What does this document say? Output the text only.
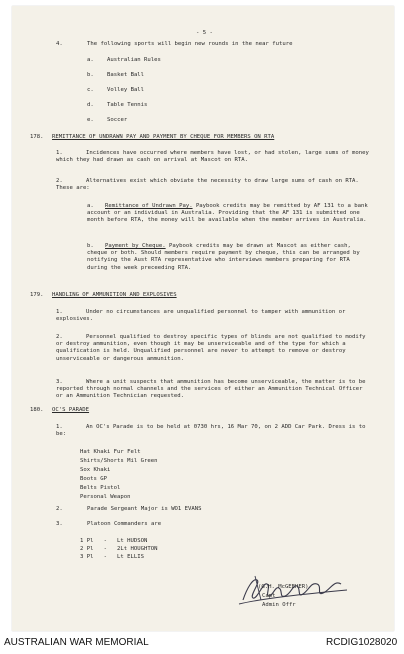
- 5 -
4.	The following sports will begin new rounds in the near future
a. Australian Rules
b. Basket Ball
c. Volley Ball
d. Table Tennis
e. Soccer
178. REMITTANCE OF UNDRAWN PAY AND PAYMENT BY CHEQUE FOR MEMBERS ON RTA
1.	Incidences have occurred where members have lost, or had stolen, large sums of money which they had drawn as cash on arrival at Mascot on RTA.
2.	Alternatives exist which obviate the necessity to draw large sums of cash on RTA. These are:
a.	Remittance of Undrawn Pay. Paybook credits may be remitted by AF 131 to a bank account or an individual in Australia. Providing that the AF 131 is submitted one month before RTA, the money will be available when the member arrives in Australia.
b.	Payment by Cheque. Paybook credits may be drawn at Mascot as either cash, cheque or both. Should members require payment by cheque, this can be arranged by notifying the Aust RTA representative who interviews members preparing for RTA during the week preceeding RTA.
179. HANDLING OF AMMUNITION AND EXPLOSIVES
1.	Under no circumstances are unqualified personnel to tamper with ammunition or explosives.
2.	Personnel qualified to destroy specific types of blinds are not qualified to modify or destroy ammunition, even though it may be unserviceable and of the type for which a qualification is held. Unqualified personnel are never to attempt to remove or destroy unserviceable or dangerous ammunition.
3.	Where a unit suspects that ammunition has become unserviceable, the matter is to be reported through normal channels and the services of either an Ammunition Technical Officer or an Ammunition Technician requested.
180. OC'S PARADE
1.	An OC's Parade is to be held at 0730 hrs, 16 Mar 70, on 2 ADD Car Park. Dress is to be:
Hat Khaki Fur Felt
Shirts/Shorts Mil Green
Sox Khaki
Boots GP
Belts Pistol
Personal Weapon
2.	Parade Sergeant Major is WO1 EVANS
3.	Platoon Commanders are
1 Pl   -   Lt HUDSON
2 Pl   -   2Lt HOUGHTON
3 Pl   -   Lt ELLIS
(G.H. McGEEHER)
Capt
Admin Offr
AUSTRALIAN WAR MEMORIAL	RCDIG1028020
